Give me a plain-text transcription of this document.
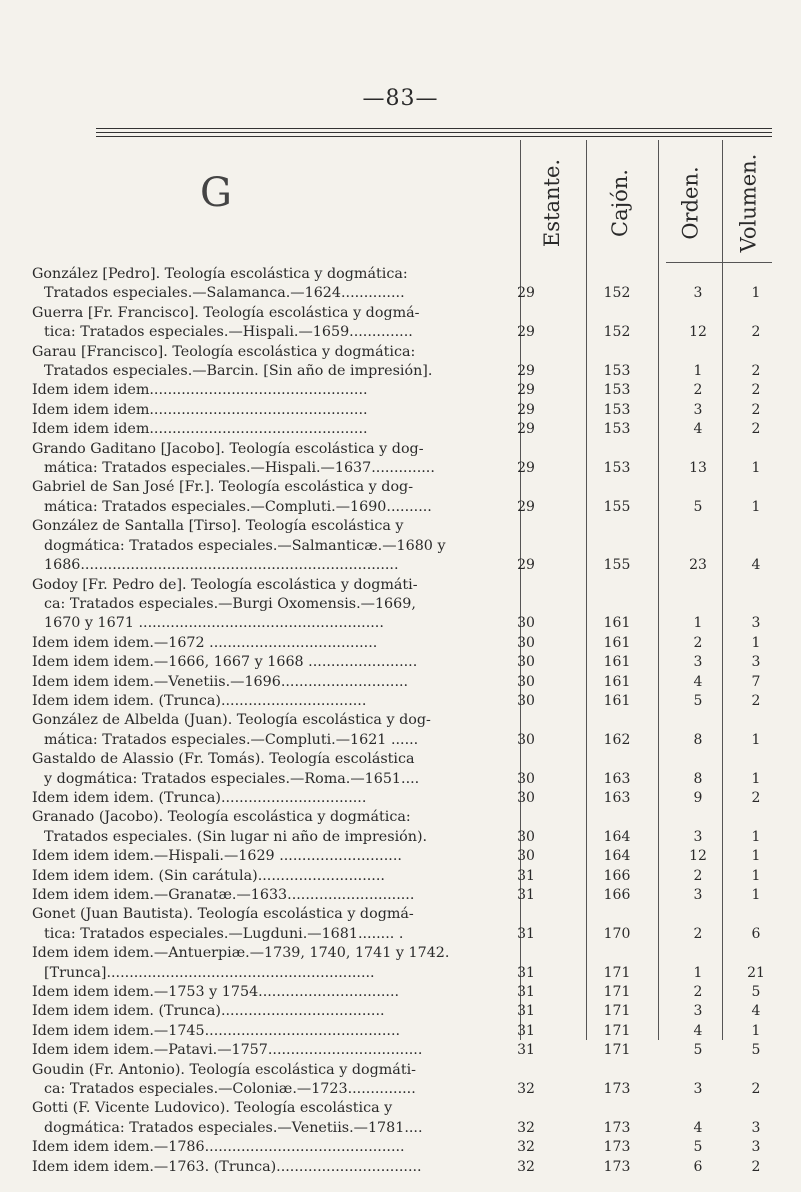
—83—
G	Estante. Cajón. Orden. Volumen.
González [Pedro]. Teología escolástica y dogmática:
Tratados especiales.—Salamanca.—1624..............	29	152	3	1
Guerra [Fr. Francisco]. Teología escolástica y dogmá-
tica: Tratados especiales.—Hispali.—1659..............	29	152	12	2
Garau [Francisco]. Teología escolástica y dogmática:
Tratados especiales.—Barcin. [Sin año de impresión].	29	153	1	2
Idem idem idem................................................	29	153	2	2
Idem idem idem................................................	29	153	3	2
Idem idem idem................................................	29	153	4	2
Grando Gaditano [Jacobo]. Teología escolástica y dog-
mática: Tratados especiales.—Hispali.—1637..............	29	153	13	1
Gabriel de San José [Fr.]. Teología escolástica y dog-
mática: Tratados especiales.—Compluti.—1690..........	29	155	5	1
González de Santalla [Tirso]. Teología escolástica y
dogmática: Tratados especiales.—Salmanticæ.—1680 y
1686......................................................................	29	155	23	4
Godoy [Fr. Pedro de]. Teología escolástica y dogmáti-
ca: Tratados especiales.—Burgi Oxomensis.—1669,
1670 y 1671 ......................................................	30	161	1	3
Idem idem idem.—1672 .....................................	30	161	2	1
Idem idem idem.—1666, 1667 y 1668 ........................	30	161	3	3
Idem idem idem.—Venetiis.—1696............................	30	161	4	7
Idem idem idem. (Trunca)................................	30	161	5	2
González de Albelda (Juan). Teología escolástica y dog-
mática: Tratados especiales.—Compluti.—1621 ......	30	162	8	1
Gastaldo de Alassio (Fr. Tomás). Teología escolástica
y dogmática: Tratados especiales.—Roma.—1651....	30	163	8	1
Idem idem idem. (Trunca)................................	30	163	9	2
Granado (Jacobo). Teología escolástica y dogmática:
Tratados especiales. (Sin lugar ni año de impresión).	30	164	3	1
Idem idem idem.—Hispali.—1629 ...........................	30	164	12	1
Idem idem idem. (Sin carátula)............................	31	166	2	1
Idem idem idem.—Granatæ.—1633............................	31	166	3	1
Gonet (Juan Bautista). Teología escolástica y dogmá-
tica: Tratados especiales.—Lugduni.—1681........ .	31	170	2	6
Idem idem idem.—Antuerpiæ.—1739, 1740, 1741 y 1742.
[Trunca]...........................................................	31	171	1	21
Idem idem idem.—1753 y 1754...............................	31	171	2	5
Idem idem idem. (Trunca)....................................	31	171	3	4
Idem idem idem.—1745...........................................	31	171	4	1
Idem idem idem.—Patavi.—1757..................................	31	171	5	5
Goudin (Fr. Antonio). Teología escolástica y dogmáti-
ca: Tratados especiales.—Coloniæ.—1723...............	32	173	3	2
Gotti (F. Vicente Ludovico). Teología escolástica y
dogmática: Tratados especiales.—Venetiis.—1781....	32	173	4	3
Idem idem idem.—1786............................................	32	173	5	3
Idem idem idem.—1763. (Trunca)................................	32	173	6	2
